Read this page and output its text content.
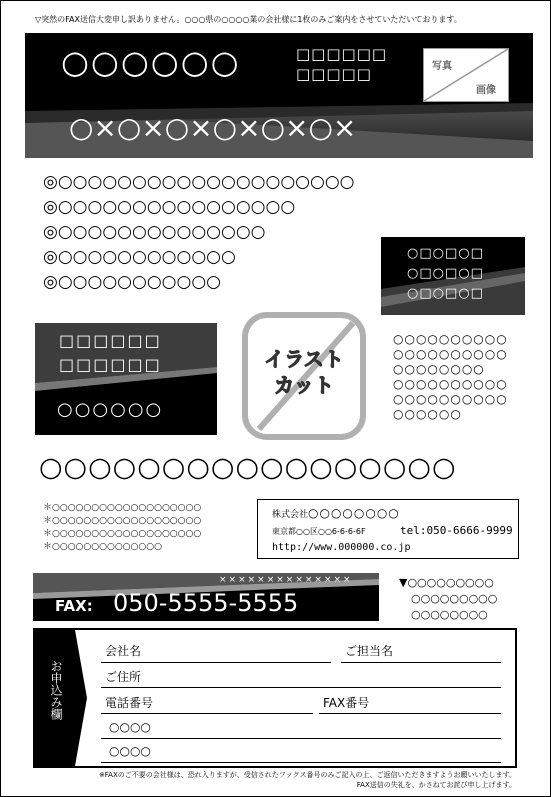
▽突然のFAX送信大変申し訳ありません。○○○県の○○○○業の会社様に1枚のみご案内をさせていただいております。
○○○○○○	□□□□□□
□□□□□	写真
画像
○×○×○×○×○×○×
◎○○○○○○○○○○○○○○○○○○○○
◎○○○○○○○○○○○○○○○○
◎○○○○○○○○○○○○○○
◎○○○○○○○○○○○○
◎○○○○○○○○○○○
○□○□○□
○□○□○□
○□○□○□
□□□□□□
□□□□□□
○○○○○○
イラスト
カット
○○○○○○○○○○
○○○○○○○○○○
○○○○○○○○
○○○○○○○○○○
○○○○○○○○○○
○○○○○○
○○○○○○○○○○○○○○○○○
＊○○○○○○○○○○○○○○○○○○○
＊○○○○○○○○○○○○○○○○○○○
＊○○○○○○○○○○○○○○○○○○○
＊○○○○○○○○○○○○○○
株式会社○○○○○○○○
東京都○○区○○6-6-6-6F	tel:050-6666-9999
http://www.000000.co.jp
××××××××××××××
FAX: 050-5555-5555
▼○○○○○○○○○
○○○○○○○○○
○○○○○○○○
お申込み欄
会社名	ご担当名
ご住所
電話番号	FAX番号
○○○○
○○○○
※FAXのご不要の会社様は、恐れ入りますが、受信されたファクス番号のみご記入の上、ご返信いただきますようお願いいたします。
FAX送信の失礼を、かさねてお詫び申し上げます。
